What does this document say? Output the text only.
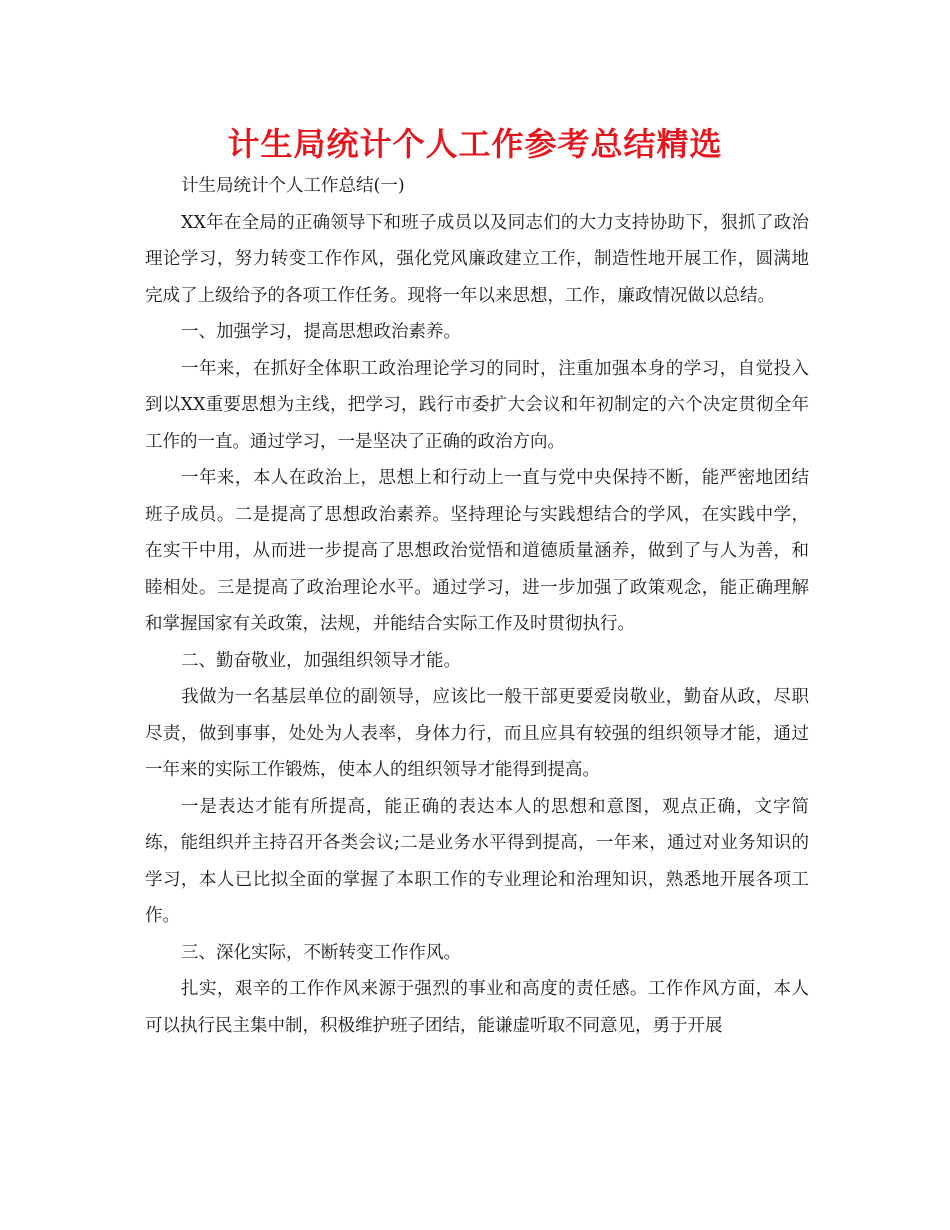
计生局统计个人工作参考总结精选

计生局统计个人工作总结(一)

XX年在全局的正确领导下和班子成员以及同志们的大力支持协助下，狠抓了政治理论学习，努力转变工作作风，强化党风廉政建立工作，制造性地开展工作，圆满地完成了上级给予的各项工作任务。现将一年以来思想，工作，廉政情况做以总结。

一、加强学习，提高思想政治素养。

一年来，在抓好全体职工政治理论学习的同时，注重加强本身的学习，自觉投入到以XX重要思想为主线，把学习，践行市委扩大会议和年初制定的六个决定贯彻全年工作的一直。通过学习，一是坚决了正确的政治方向。

一年来，本人在政治上，思想上和行动上一直与党中央保持不断，能严密地团结班子成员。二是提高了思想政治素养。坚持理论与实践想结合的学风，在实践中学，在实干中用，从而进一步提高了思想政治觉悟和道德质量涵养，做到了与人为善，和睦相处。三是提高了政治理论水平。通过学习，进一步加强了政策观念，能正确理解和掌握国家有关政策，法规，并能结合实际工作及时贯彻执行。

二、勤奋敬业，加强组织领导才能。

我做为一名基层单位的副领导，应该比一般干部更要爱岗敬业，勤奋从政，尽职尽责，做到事事，处处为人表率，身体力行，而且应具有较强的组织领导才能，通过一年来的实际工作锻炼，使本人的组织领导才能得到提高。

一是表达才能有所提高，能正确的表达本人的思想和意图，观点正确，文字简练，能组织并主持召开各类会议;二是业务水平得到提高，一年来，通过对业务知识的学习，本人已比拟全面的掌握了本职工作的专业理论和治理知识，熟悉地开展各项工作。

三、深化实际，不断转变工作作风。

扎实，艰辛的工作作风来源于强烈的事业和高度的责任感。工作作风方面，本人可以执行民主集中制，积极维护班子团结，能谦虚听取不同意见，勇于开展
